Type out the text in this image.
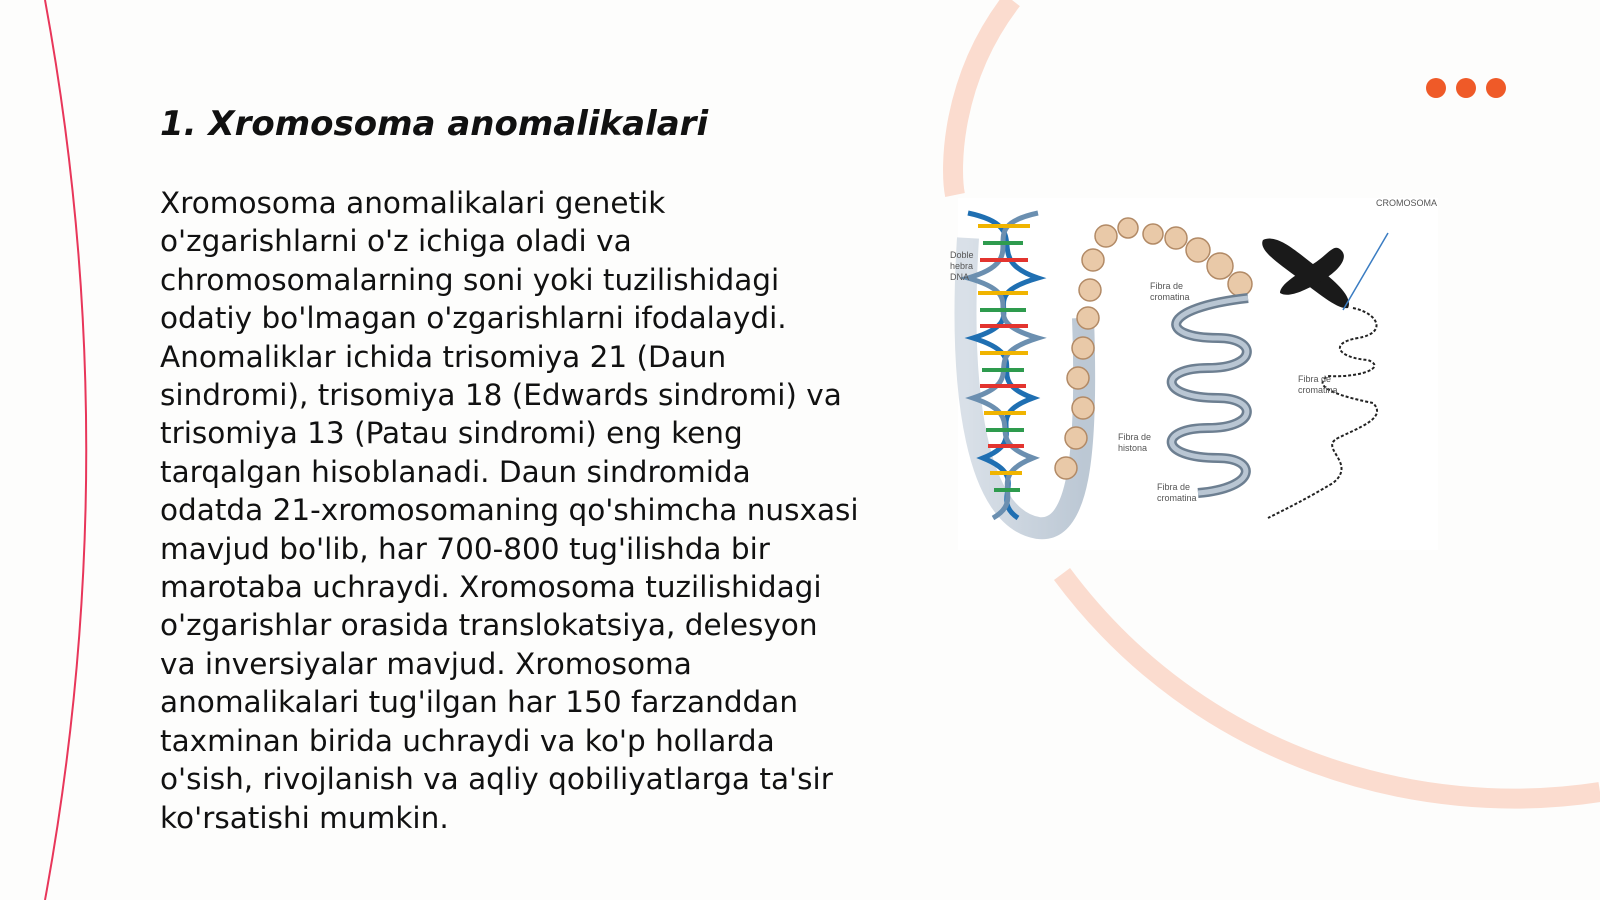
1. Xromosoma anomalikalari

Xromosoma anomalikalari genetik o'zgarishlarni o'z ichiga oladi va chromosomalarning soni yoki tuzilishidagi odatiy bo'lmagan o'zgarishlarni ifodalaydi. Anomaliklar ichida trisomiya 21 (Daun sindromi), trisomiya 18 (Edwards sindromi) va trisomiya 13 (Patau sindromi) eng keng tarqalgan hisoblanadi. Daun sindromida odatda 21-xromosomaning qo'shimcha nusxasi mavjud bo'lib, har 700-800 tug'ilishda bir marotaba uchraydi. Xromosoma tuzilishidagi o'zgarishlar orasida translokatsiya, delesyon va inversiyalar mavjud. Xromosoma anomalikalari tug'ilgan har 150 farzanddan taxminan birida uchraydi va ko'p hollarda o'sish, rivojlanish va aqliy qobiliyatlarga ta'sir ko'rsatishi mumkin.

Doble
hebra
DNA
Fibra de
cromatina
CROMOSOMA
Fibra de
cromatina
Fibra de
histona
Fibra de
cromatina
